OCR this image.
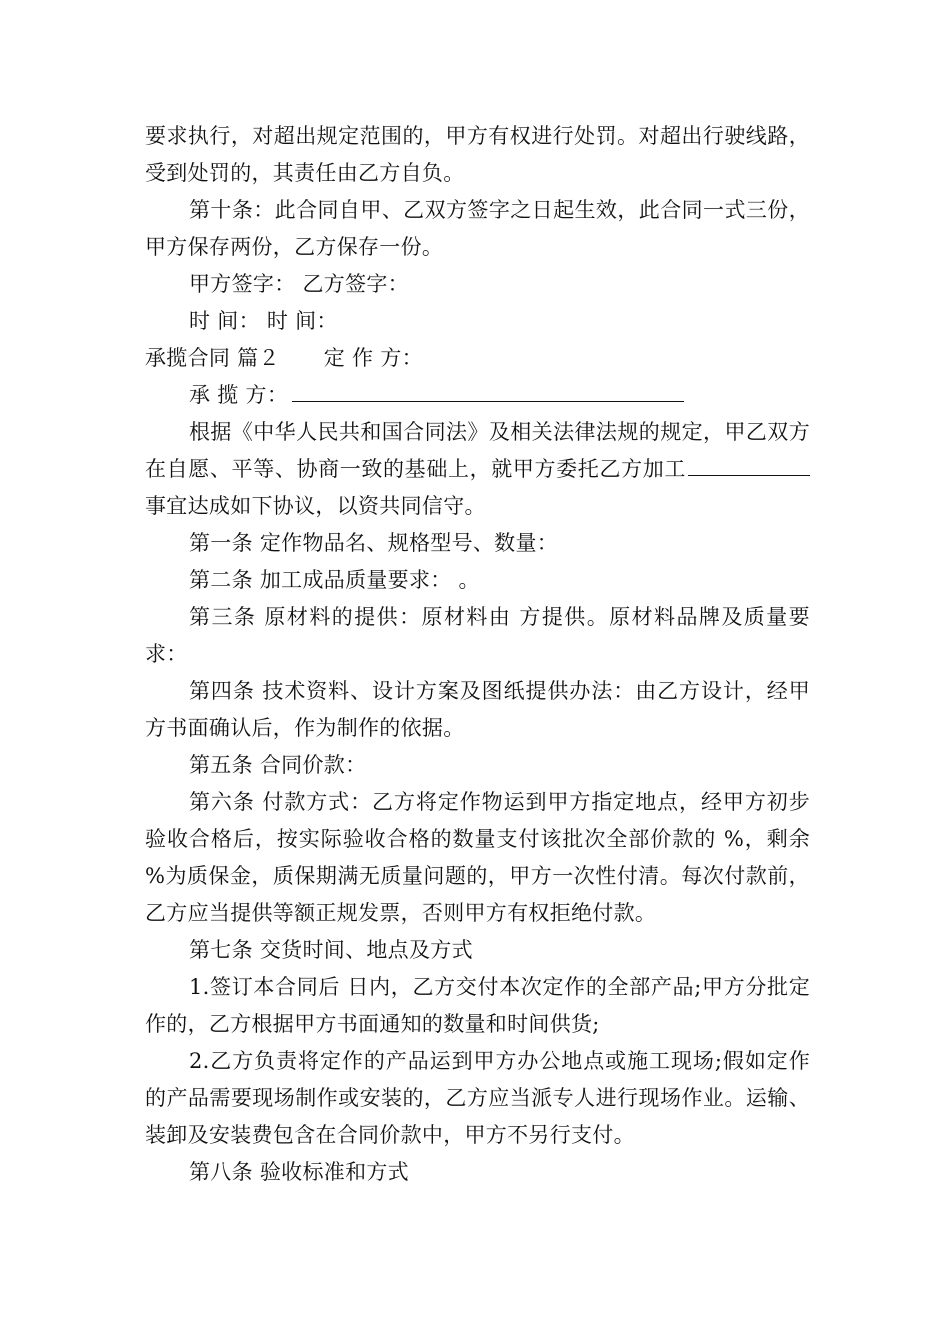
要求执行，对超出规定范围的，甲方有权进行处罚。对超出行驶线路，受到处罚的，其责任由乙方自负。

第十条：此合同自甲、乙双方签字之日起生效，此合同一式三份，甲方保存两份，乙方保存一份。

甲方签字： 乙方签字：

时 间： 时 间：

承揽合同 篇２ 定 作 方：

承 揽 方：

根据《中华人民共和国合同法》及相关法律法规的规定，甲乙双方在自愿、平等、协商一致的基础上，就甲方委托乙方加工事宜达成如下协议，以资共同信守。

第一条 定作物品名、规格型号、数量：

第二条 加工成品质量要求： 。

第三条 原材料的提供：原材料由 方提供。原材料品牌及质量要求：

第四条 技术资料、设计方案及图纸提供办法：由乙方设计，经甲方书面确认后，作为制作的依据。

第五条 合同价款：

第六条 付款方式：乙方将定作物运到甲方指定地点，经甲方初步验收合格后，按实际验收合格的数量支付该批次全部价款的 %，剩余 %为质保金，质保期满无质量问题的，甲方一次性付清。每次付款前，乙方应当提供等额正规发票，否则甲方有权拒绝付款。

第七条 交货时间、地点及方式

1.签订本合同后 日内，乙方交付本次定作的全部产品;甲方分批定作的，乙方根据甲方书面通知的数量和时间供货;

2.乙方负责将定作的产品运到甲方办公地点或施工现场;假如定作的产品需要现场制作或安装的，乙方应当派专人进行现场作业。运输、装卸及安装费包含在合同价款中，甲方不另行支付。

第八条 验收标准和方式
